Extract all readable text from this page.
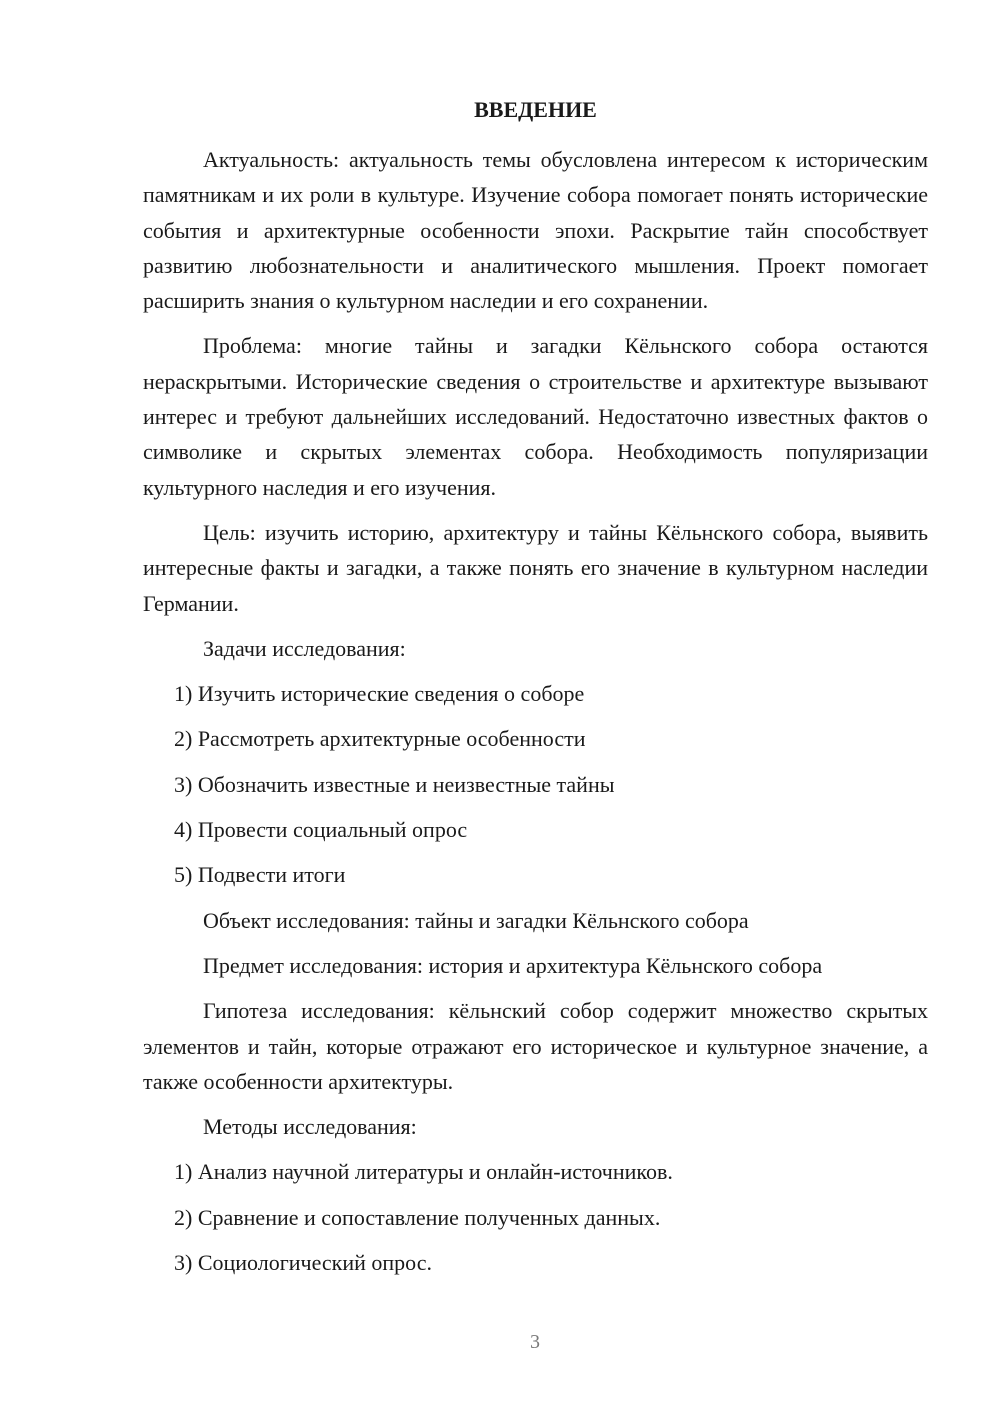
ВВЕДЕНИЕ
Актуальность: актуальность темы обусловлена интересом к историческим памятникам и их роли в культуре. Изучение собора помогает понять исторические события и архитектурные особенности эпохи. Раскрытие тайн способствует развитию любознательности и аналитического мышления. Проект помогает расширить знания о культурном наследии и его сохранении.
Проблема: многие тайны и загадки Кёльнского собора остаются нераскрытыми. Исторические сведения о строительстве и архитектуре вызывают интерес и требуют дальнейших исследований. Недостаточно известных фактов о символике и скрытых элементах собора. Необходимость популяризации культурного наследия и его изучения.
Цель: изучить историю, архитектуру и тайны Кёльнского собора, выявить интересные факты и загадки, а также понять его значение в культурном наследии Германии.
Задачи исследования:
1) Изучить исторические сведения о соборе
2) Рассмотреть архитектурные особенности
3) Обозначить известные и неизвестные тайны
4) Провести социальный опрос
5) Подвести итоги
Объект исследования: тайны и загадки Кёльнского собора
Предмет исследования: история и архитектура Кёльнского собора
Гипотеза исследования: кёльнский собор содержит множество скрытых элементов и тайн, которые отражают его историческое и культурное значение, а также особенности архитектуры.
Методы исследования:
1) Анализ научной литературы и онлайн-источников.
2) Сравнение и сопоставление полученных данных.
3) Социологический опрос.
3
